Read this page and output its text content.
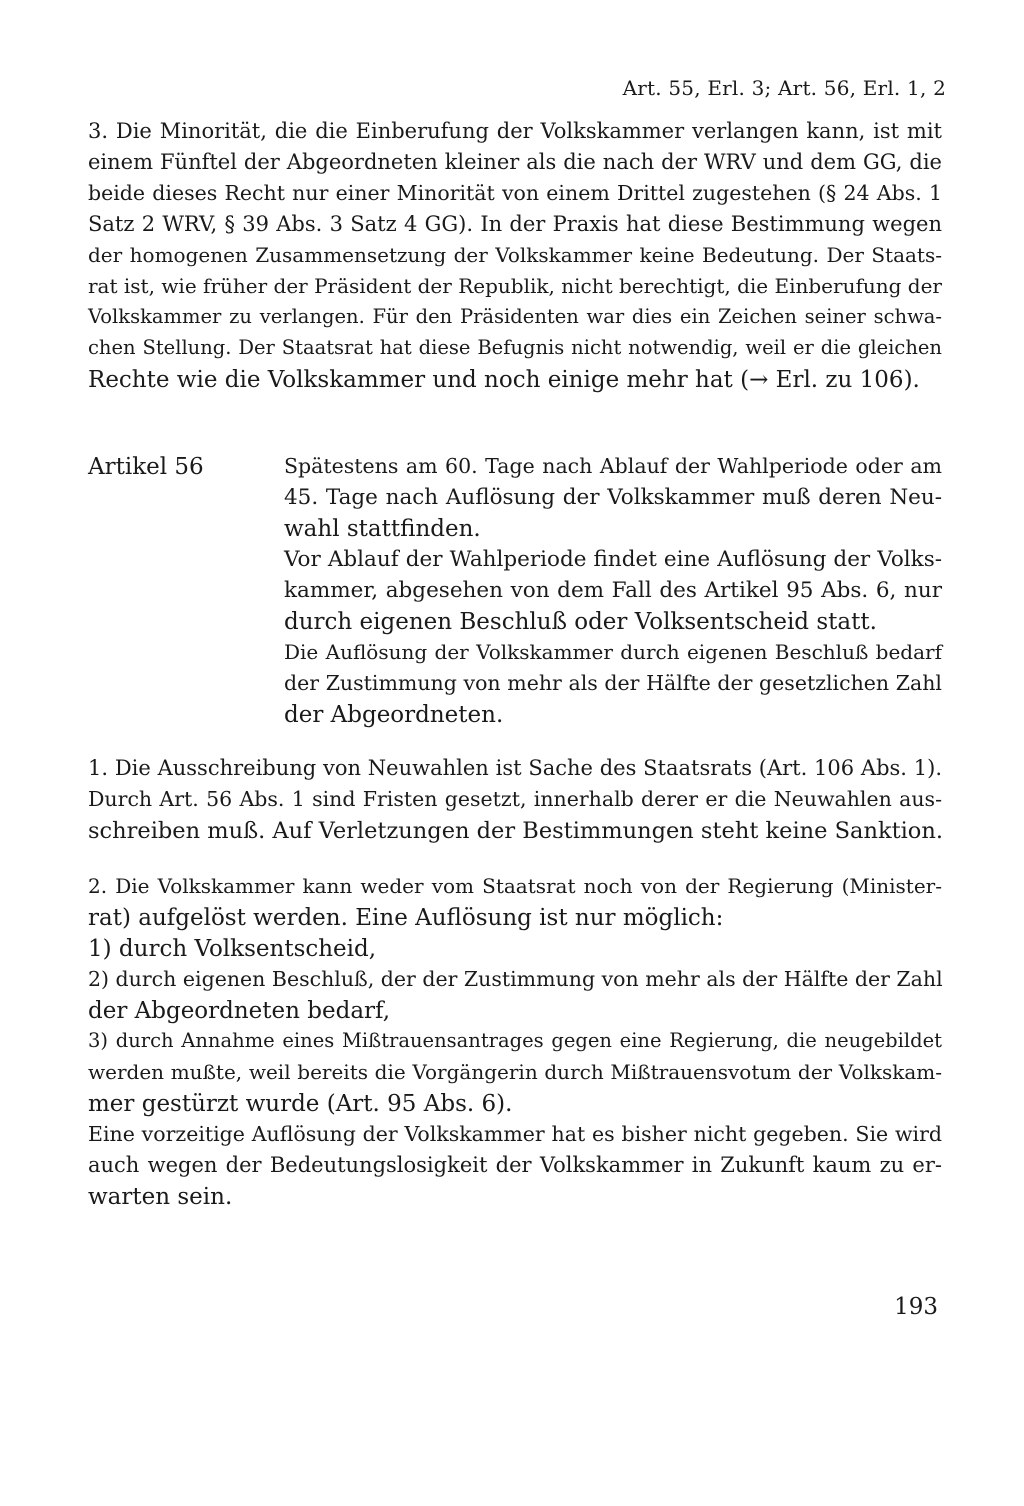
Art. 55, Erl. 3; Art. 56, Erl. 1, 2
3. Die Minorität, die die Einberufung der Volkskammer verlangen kann, ist mit
einem Fünftel der Abgeordneten kleiner als die nach der WRV und dem GG, die
beide dieses Recht nur einer Minorität von einem Drittel zugestehen (§ 24 Abs. 1
Satz 2 WRV, § 39 Abs. 3 Satz 4 GG). In der Praxis hat diese Bestimmung wegen
der homogenen Zusammensetzung der Volkskammer keine Bedeutung. Der Staats-
rat ist, wie früher der Präsident der Republik, nicht berechtigt, die Einberufung der
Volkskammer zu verlangen. Für den Präsidenten war dies ein Zeichen seiner schwa-
chen Stellung. Der Staatsrat hat diese Befugnis nicht notwendig, weil er die gleichen
Rechte wie die Volkskammer und noch einige mehr hat (→ Erl. zu 106).
Artikel 56	Spätestens am 60. Tage nach Ablauf der Wahlperiode oder am
45. Tage nach Auflösung der Volkskammer muß deren Neu-
wahl stattfinden.
Vor Ablauf der Wahlperiode findet eine Auflösung der Volks-
kammer, abgesehen von dem Fall des Artikel 95 Abs. 6, nur
durch eigenen Beschluß oder Volksentscheid statt.
Die Auflösung der Volkskammer durch eigenen Beschluß bedarf
der Zustimmung von mehr als der Hälfte der gesetzlichen Zahl
der Abgeordneten.
1. Die Ausschreibung von Neuwahlen ist Sache des Staatsrats (Art. 106 Abs. 1).
Durch Art. 56 Abs. 1 sind Fristen gesetzt, innerhalb derer er die Neuwahlen aus-
schreiben muß. Auf Verletzungen der Bestimmungen steht keine Sanktion.
2. Die Volkskammer kann weder vom Staatsrat noch von der Regierung (Minister-
rat) aufgelöst werden. Eine Auflösung ist nur möglich:
1) durch Volksentscheid,
2) durch eigenen Beschluß, der der Zustimmung von mehr als der Hälfte der Zahl
der Abgeordneten bedarf,
3) durch Annahme eines Mißtrauensantrages gegen eine Regierung, die neugebildet
werden mußte, weil bereits die Vorgängerin durch Mißtrauensvotum der Volkskam-
mer gestürzt wurde (Art. 95 Abs. 6).
Eine vorzeitige Auflösung der Volkskammer hat es bisher nicht gegeben. Sie wird
auch wegen der Bedeutungslosigkeit der Volkskammer in Zukunft kaum zu er-
warten sein.
193
